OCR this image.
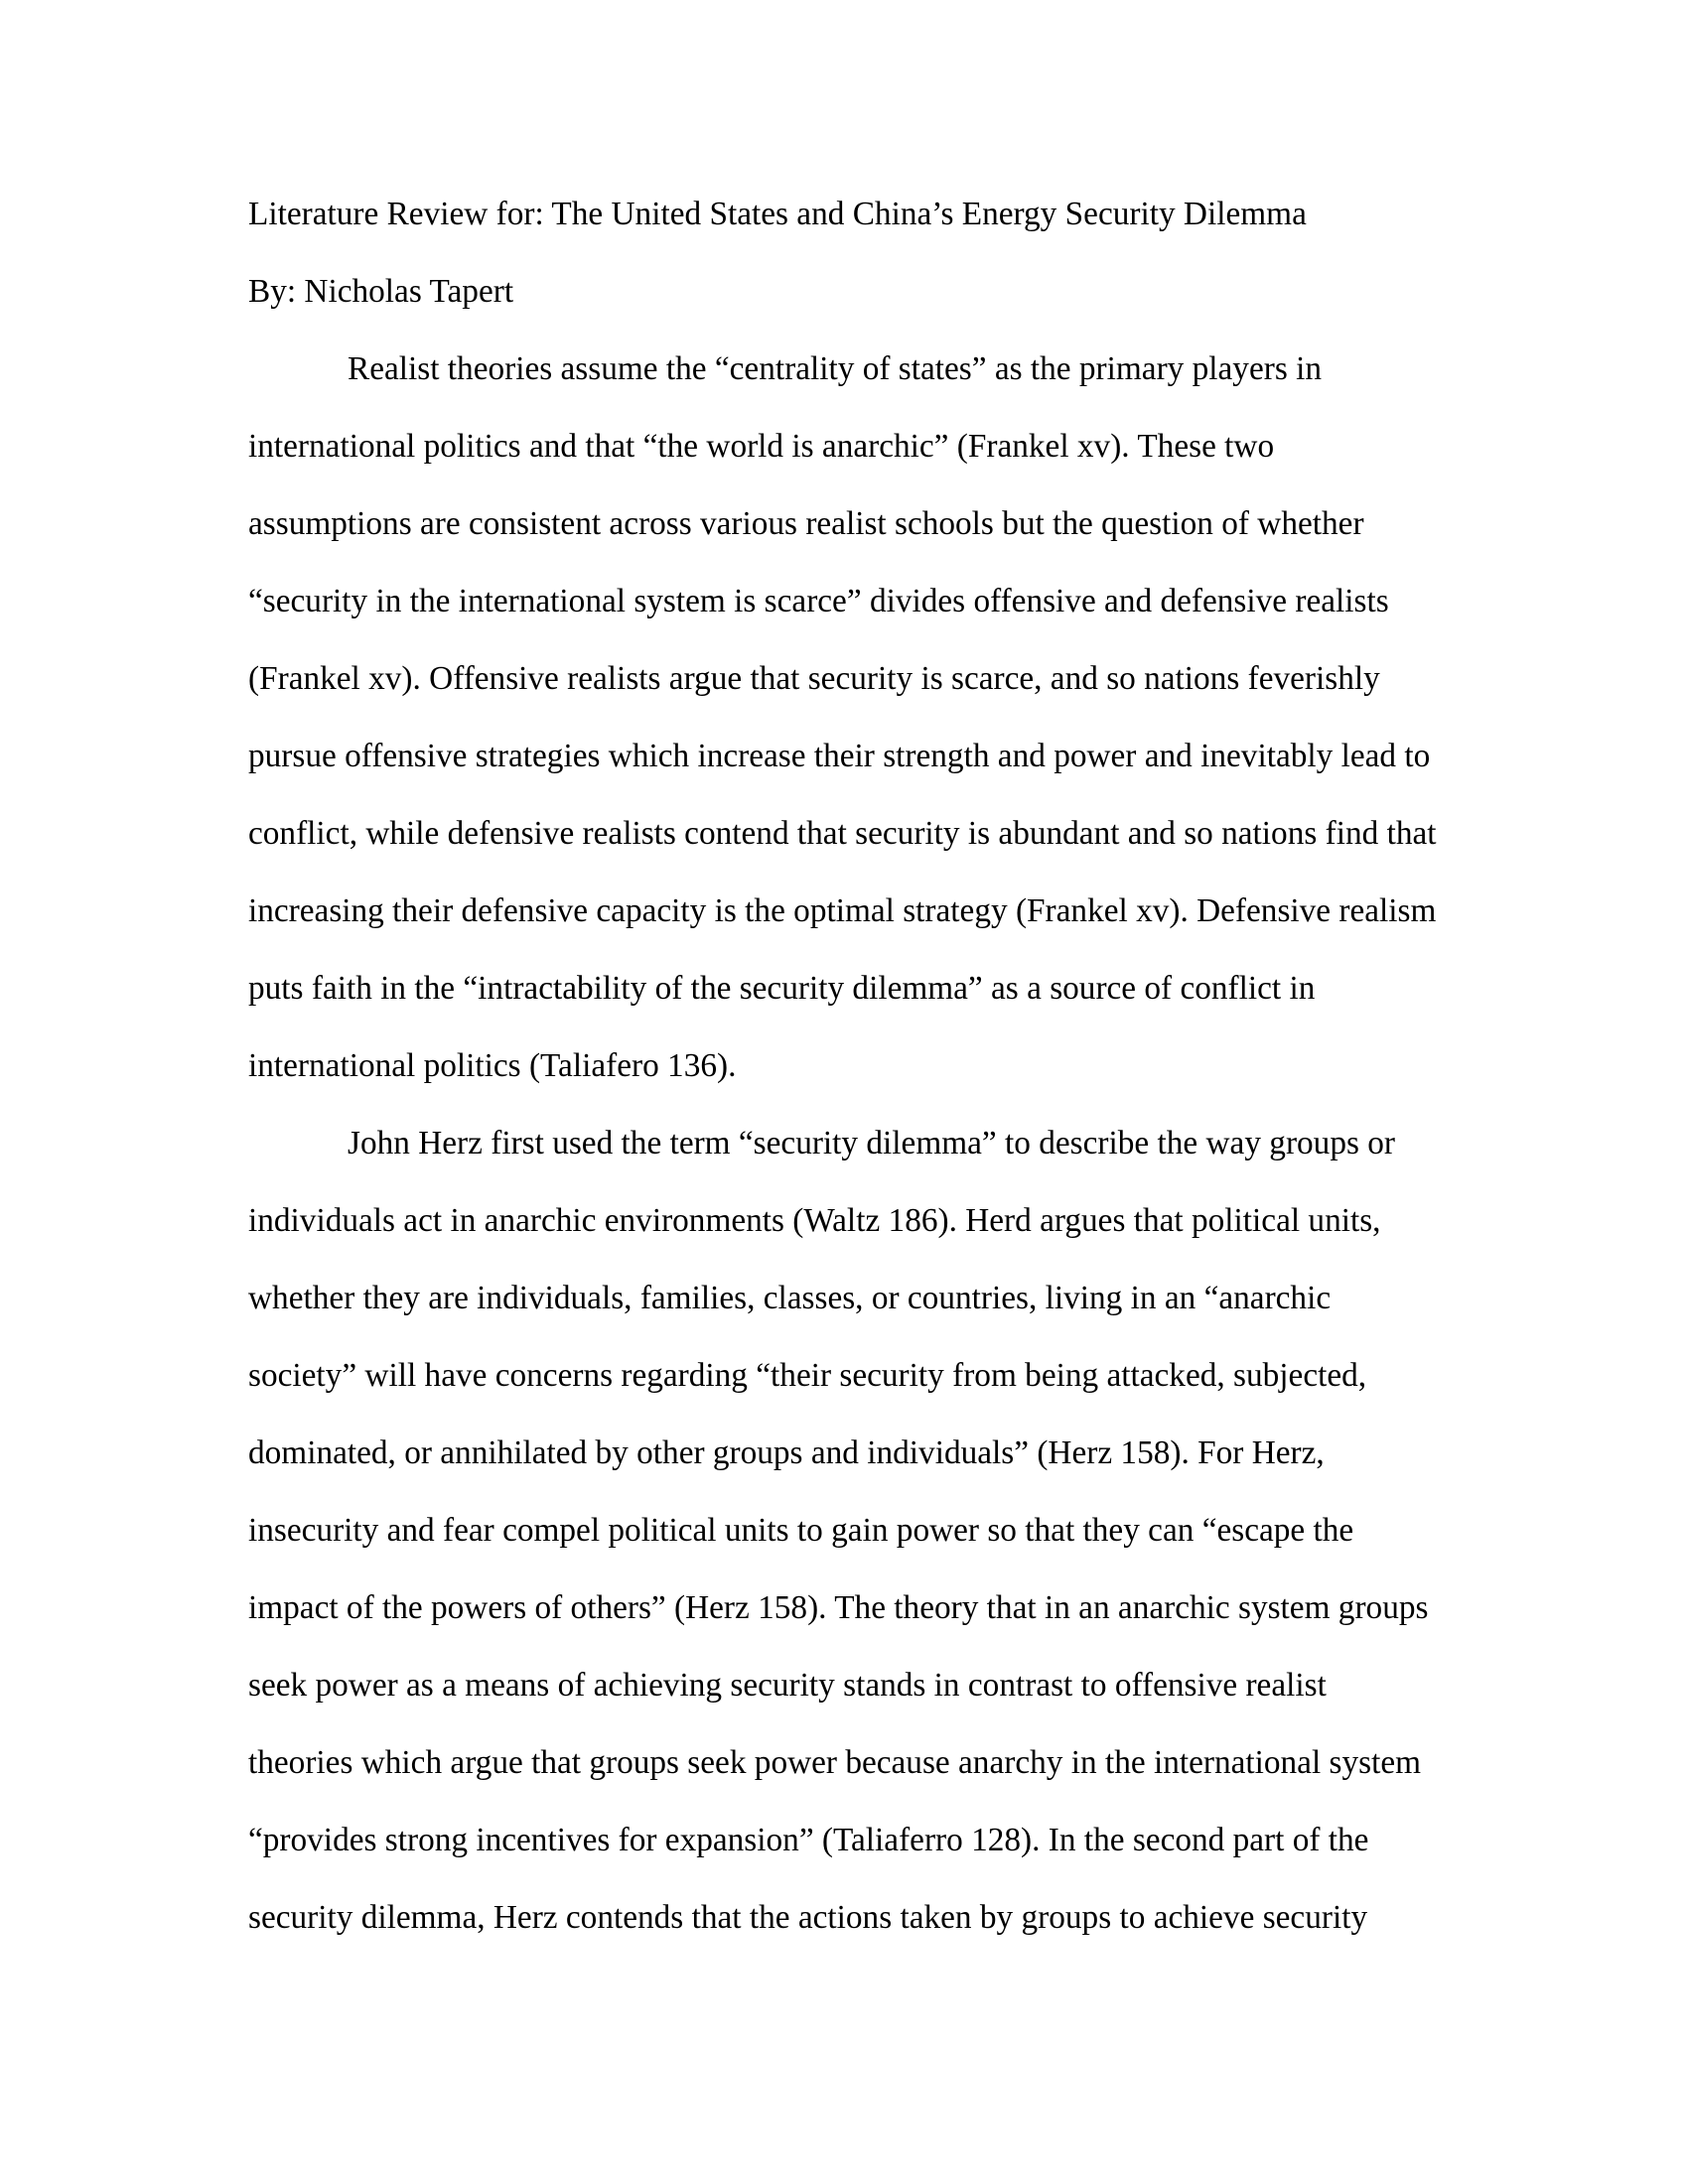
Literature Review for: The United States and China’s Energy Security Dilemma
By: Nicholas Tapert
Realist theories assume the “centrality of states” as the primary players in
international politics and that “the world is anarchic” (Frankel xv). These two
assumptions are consistent across various realist schools but the question of whether
“security in the international system is scarce” divides offensive and defensive realists
(Frankel xv). Offensive realists argue that security is scarce, and so nations feverishly
pursue offensive strategies which increase their strength and power and inevitably lead to
conflict, while defensive realists contend that security is abundant and so nations find that
increasing their defensive capacity is the optimal strategy (Frankel xv). Defensive realism
puts faith in the “intractability of the security dilemma” as a source of conflict in
international politics (Taliafero 136).
John Herz first used the term “security dilemma” to describe the way groups or
individuals act in anarchic environments (Waltz 186). Herd argues that political units,
whether they are individuals, families, classes, or countries, living in an “anarchic
society” will have concerns regarding “their security from being attacked, subjected,
dominated, or annihilated by other groups and individuals” (Herz 158). For Herz,
insecurity and fear compel political units to gain power so that they can “escape the
impact of the powers of others” (Herz 158). The theory that in an anarchic system groups
seek power as a means of achieving security stands in contrast to offensive realist
theories which argue that groups seek power because anarchy in the international system
“provides strong incentives for expansion” (Taliaferro 128). In the second part of the
security dilemma, Herz contends that the actions taken by groups to achieve security
